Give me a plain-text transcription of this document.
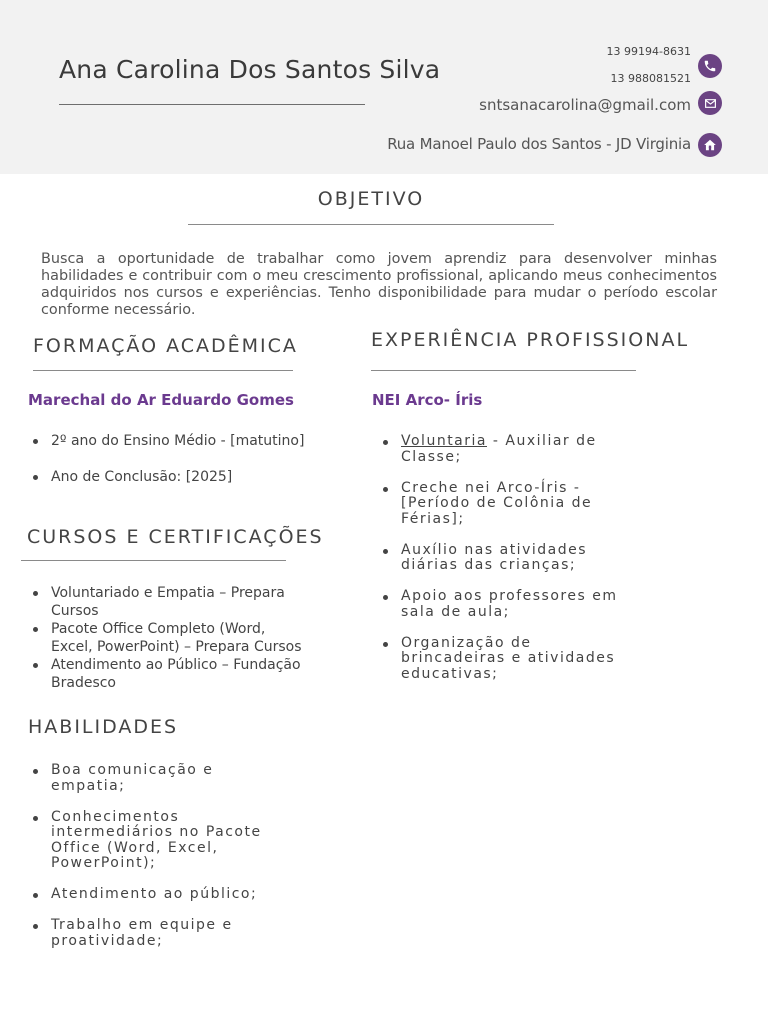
Ana Carolina Dos Santos Silva
13 99194-8631
13 988081521
sntsanacarolina@gmail.com
Rua Manoel Paulo dos Santos - JD Virginia
OBJETIVO
Busca a oportunidade de trabalhar como jovem aprendiz para desenvolver minhas habilidades e contribuir com o meu crescimento profissional, aplicando meus conhecimentos adquiridos nos cursos e experiências. Tenho disponibilidade para mudar o período escolar conforme necessário.
FORMAÇÃO ACADÊMICA
Marechal do Ar Eduardo Gomes
2º ano do Ensino Médio - [matutino]
Ano de Conclusão: [2025]
CURSOS E CERTIFICAÇÕES
Voluntariado e Empatia – Prepara Cursos
Pacote Office Completo (Word, Excel, PowerPoint) – Prepara Cursos
Atendimento ao Público – Fundação Bradesco
HABILIDADES
Boa comunicação e empatia;
Conhecimentos intermediários no Pacote Office (Word, Excel, PowerPoint);
Atendimento ao público;
Trabalho em equipe e proatividade;
EXPERIÊNCIA PROFISSIONAL
NEI Arco- Íris
Voluntaria - Auxiliar de Classe;
Creche nei Arco-Íris - [Período de Colônia de Férias];
Auxílio nas atividades diárias das crianças;
Apoio aos professores em sala de aula;
Organização de brincadeiras e atividades educativas;
